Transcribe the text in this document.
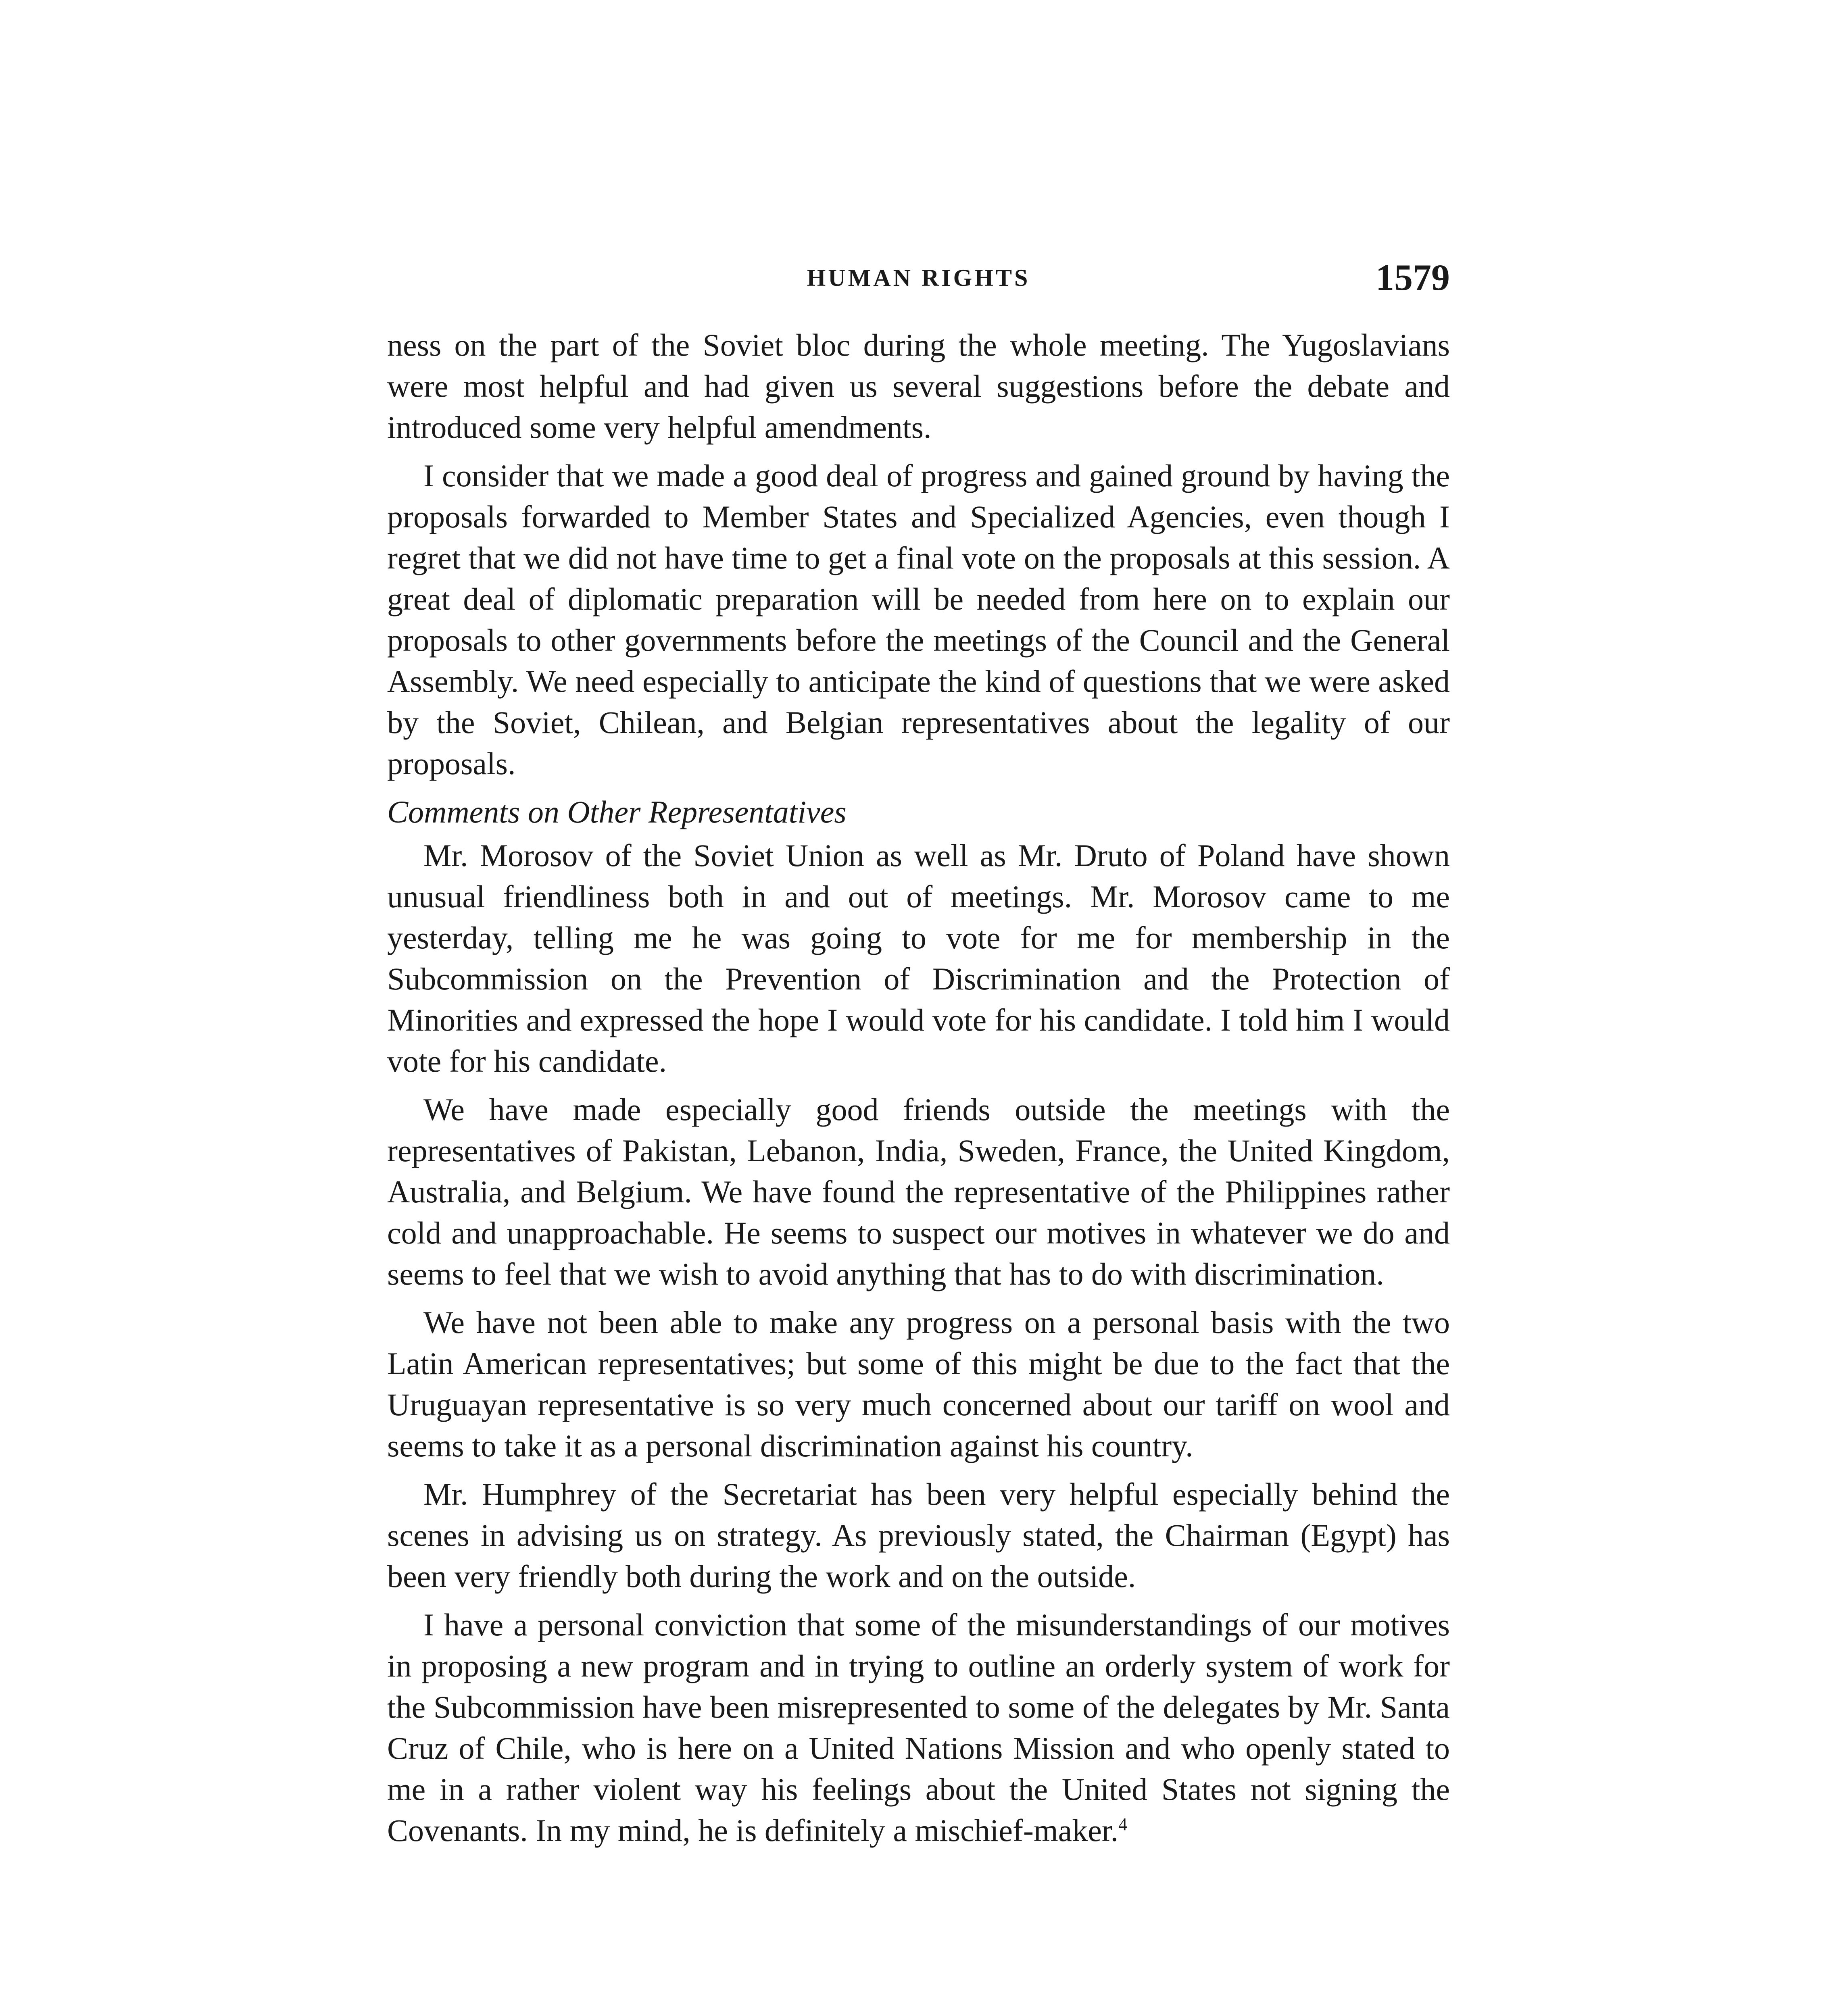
HUMAN RIGHTS	1579

ness on the part of the Soviet bloc during the whole meeting. The Yugoslavians were most helpful and had given us several suggestions before the debate and introduced some very helpful amendments.

I consider that we made a good deal of progress and gained ground by having the proposals forwarded to Member States and Specialized Agencies, even though I regret that we did not have time to get a final vote on the proposals at this session. A great deal of diplomatic preparation will be needed from here on to explain our proposals to other governments before the meetings of the Council and the General Assembly. We need especially to anticipate the kind of questions that we were asked by the Soviet, Chilean, and Belgian representatives about the legality of our proposals.

Comments on Other Representatives

Mr. Morosov of the Soviet Union as well as Mr. Druto of Poland have shown unusual friendliness both in and out of meetings. Mr. Morosov came to me yesterday, telling me he was going to vote for me for membership in the Subcommission on the Prevention of Discrimination and the Protection of Minorities and expressed the hope I would vote for his candidate. I told him I would vote for his candidate.

We have made especially good friends outside the meetings with the representatives of Pakistan, Lebanon, India, Sweden, France, the United Kingdom, Australia, and Belgium. We have found the representative of the Philippines rather cold and unapproachable. He seems to suspect our motives in whatever we do and seems to feel that we wish to avoid anything that has to do with discrimination.

We have not been able to make any progress on a personal basis with the two Latin American representatives; but some of this might be due to the fact that the Uruguayan representative is so very much concerned about our tariff on wool and seems to take it as a personal discrimination against his country.

Mr. Humphrey of the Secretariat has been very helpful especially behind the scenes in advising us on strategy. As previously stated, the Chairman (Egypt) has been very friendly both during the work and on the outside.

I have a personal conviction that some of the misunderstandings of our motives in proposing a new program and in trying to outline an orderly system of work for the Subcommission have been misrepresented to some of the delegates by Mr. Santa Cruz of Chile, who is here on a United Nations Mission and who openly stated to me in a rather violent way his feelings about the United States not signing the Covenants. In my mind, he is definitely a mischief-maker.$^4$
